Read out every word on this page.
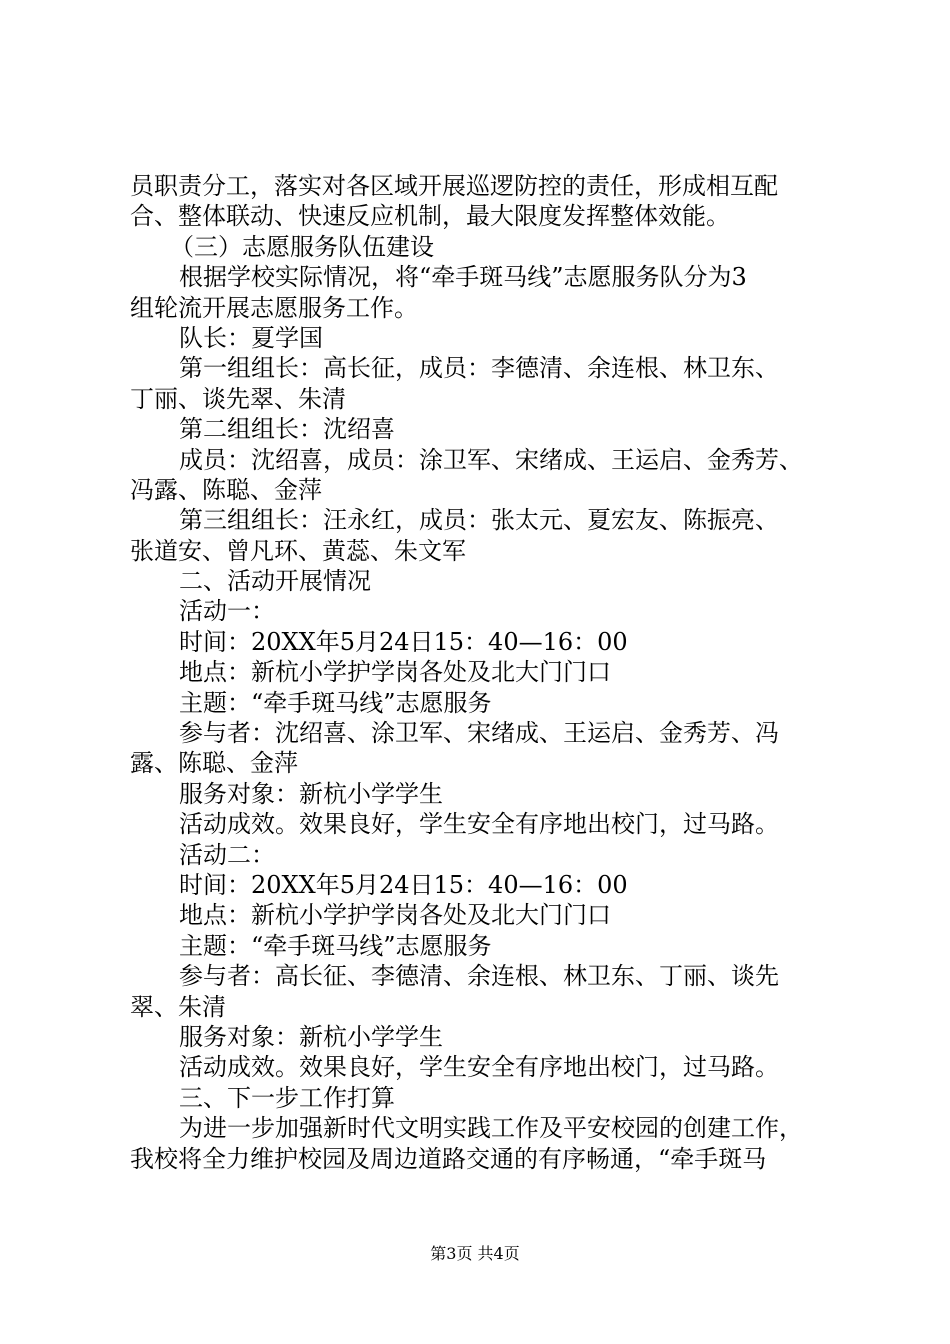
员职责分工，落实对各区域开展巡逻防控的责任，形成相互配
合、整体联动、快速反应机制，最大限度发挥整体效能。
（三）志愿服务队伍建设
根据学校实际情况，将“牵手斑马线”志愿服务队分为3
组轮流开展志愿服务工作。
队长：夏学国
第一组组长：高长征，成员：李德清、余连根、林卫东、
丁丽、谈先翠、朱清
第二组组长：沈绍喜
成员：沈绍喜，成员：涂卫军、宋绪成、王运启、金秀芳、
冯露、陈聪、金萍
第三组组长：汪永红，成员：张太元、夏宏友、陈振亮、
张道安、曾凡环、黄蕊、朱文军
二、活动开展情况
活动一：
时间：20XX年5月24日15：40—16：00
地点：新杭小学护学岗各处及北大门门口
主题：“牵手斑马线”志愿服务
参与者：沈绍喜、涂卫军、宋绪成、王运启、金秀芳、冯
露、陈聪、金萍
服务对象：新杭小学学生
活动成效。效果良好，学生安全有序地出校门，过马路。
活动二：
时间：20XX年5月24日15：40—16：00
地点：新杭小学护学岗各处及北大门门口
主题：“牵手斑马线”志愿服务
参与者：高长征、李德清、余连根、林卫东、丁丽、谈先
翠、朱清
服务对象：新杭小学学生
活动成效。效果良好，学生安全有序地出校门，过马路。
三、下一步工作打算
为进一步加强新时代文明实践工作及平安校园的创建工作，
我校将全力维护校园及周边道路交通的有序畅通，“牵手斑马
第3页 共4页
